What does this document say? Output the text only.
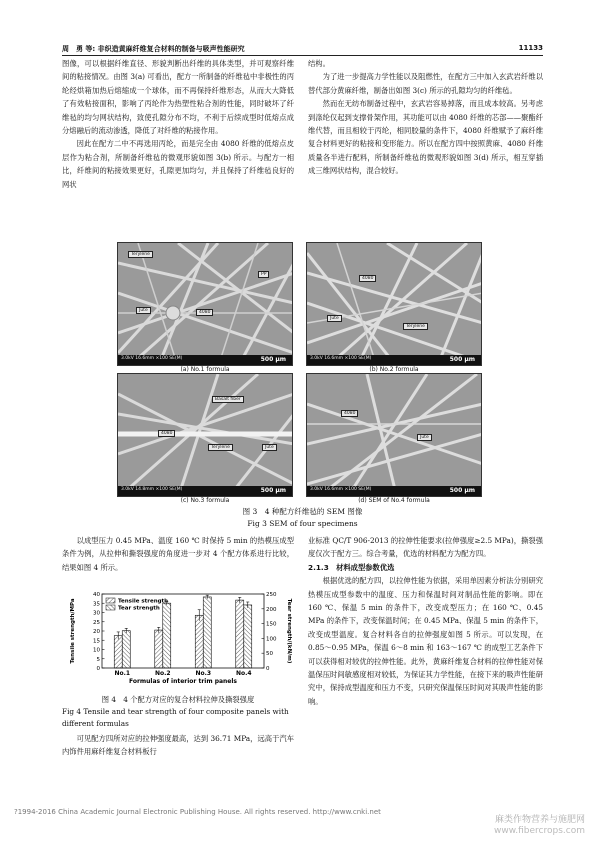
周　勇 等: 非织造黄麻纤维复合材料的制备与吸声性能研究	11133

图像，可以根据纤维直径、形貌判断出纤维的具体类型，并可观察纤维间的粘接情况。由图 3(a) 可看出，配方一所制备的纤维毡中非极性的丙纶经烘箱加热后熔缩成一个球体，而不再保持纤维形态，从而大大降低了有效粘接面积，影响了丙纶作为热塑性粘合剂的性能，同时破坏了纤维毡的均匀网状结构，致使孔隙分布不均，不利于后续成型时低熔点成分熔融后的流动渗透，降低了对纤维的粘接作用。

因此在配方二中不再选用丙纶，而是完全由 4080 纤维的低熔点皮层作为粘合剂，所制备纤维毡的微观形貌如图 3(b) 所示。与配方一相比，纤维间的粘接效果更好，孔隙更加均匀，并且保持了纤维毡良好的网状

结构。

为了进一步提高力学性能以及阻燃性，在配方三中加入玄武岩纤维以替代部分黄麻纤维，制备出如图 3(c) 所示的孔隙均匀的纤维毡。

然而在无纺布制备过程中，玄武岩容易掉落，而且成本较高。另考虑到涤纶仅起到支撑骨架作用，其功能可以由 4080 纤维的芯部——聚酯纤维代替，而且相较于丙纶，相同胶量的条件下，4080 纤维赋予了麻纤维复合材料更好的粘接和变形能力。所以在配方四中按照黄麻、4080 纤维质量各半进行配料，所制备纤维毡的微观形貌如图 3(d) 所示，相互穿插成三维网状结构，混合较好。

Terylene
PP
4080
Jute
3.0kV 16.6mm ×100 SE(M)	500 μm
(a) No.1 formula
4080
Jute
Terylene
3.0kV 16.6mm ×100 SE(M)	500 μm
(b) No.2 formula
Basalt fiber
4080
Terylene	Jute
3.0kV 14.8mm ×100 SE(M)	500 μm
(c) No.3 formula
4080
Jute
3.0kV 16.6mm ×100 SE(M)	500 μm
(d) SEM of No.4 formula
图 3　4 种配方纤维毡的 SEM 图像
Fig 3 SEM of four specimens

以成型压力 0.45 MPa、温度 160 ℃ 时保持 5 min 的热模压成型条件为例，从拉伸和撕裂强度的角度进一步对 4 个配方体系进行比较，结果如图 4 所示。

0
5
10
15
20
25
30
35
40
0
50
100
150
200
250
No.1	No.2	No.3	No.4
Formulas of interior trim panels
Tensile strength/MPa	Tear strength/(kN/m)
Tensile strength
Tear strength
图 4　4 个配方对应的复合材料拉伸及撕裂强度
Fig 4 Tensile and tear strength of four composite panels with different formulas

可见配方四所对应的拉伸强度最高，达到 36.71 MPa，远高于汽车内饰件用麻纤维复合材料板行

业标准 QC/T 906-2013 的拉伸性能要求(拉伸强度≥2.5 MPa)，撕裂强度仅次于配方三。综合考量，优选的材料配方为配方四。

2.1.3　材料成型参数优选

根据优选的配方四，以拉伸性能为依据，采用单因素分析法分别研究热模压成型参数中的温度、压力和保温时间对制品性能的影响。即在 160 ℃、保温 5 min 的条件下，改变成型压力；在 160 ℃、0.45 MPa 的条件下，改变保温时间；在 0.45 MPa、保温 5 min 的条件下，改变成型温度。复合材料各自的拉伸强度如图 5 所示。可以发现，在 0.85～0.95 MPa，保温 6～8 min 和 163～167 ℃ 的成型工艺条件下可以获得相对较优的拉伸性能。此外，黄麻纤维复合材料的拉伸性能对保温保压时间敏感度相对较低，为保证其力学性能，在接下来的吸声性能研究中，保持成型温度和压力不变，只研究保温保压时间对其吸声性能的影响。

?1994-2016 China Academic Journal Electronic Publishing House. All rights reserved. http://www.cnki.net
麻类作物营养与施肥网
www.fibercrops.com
